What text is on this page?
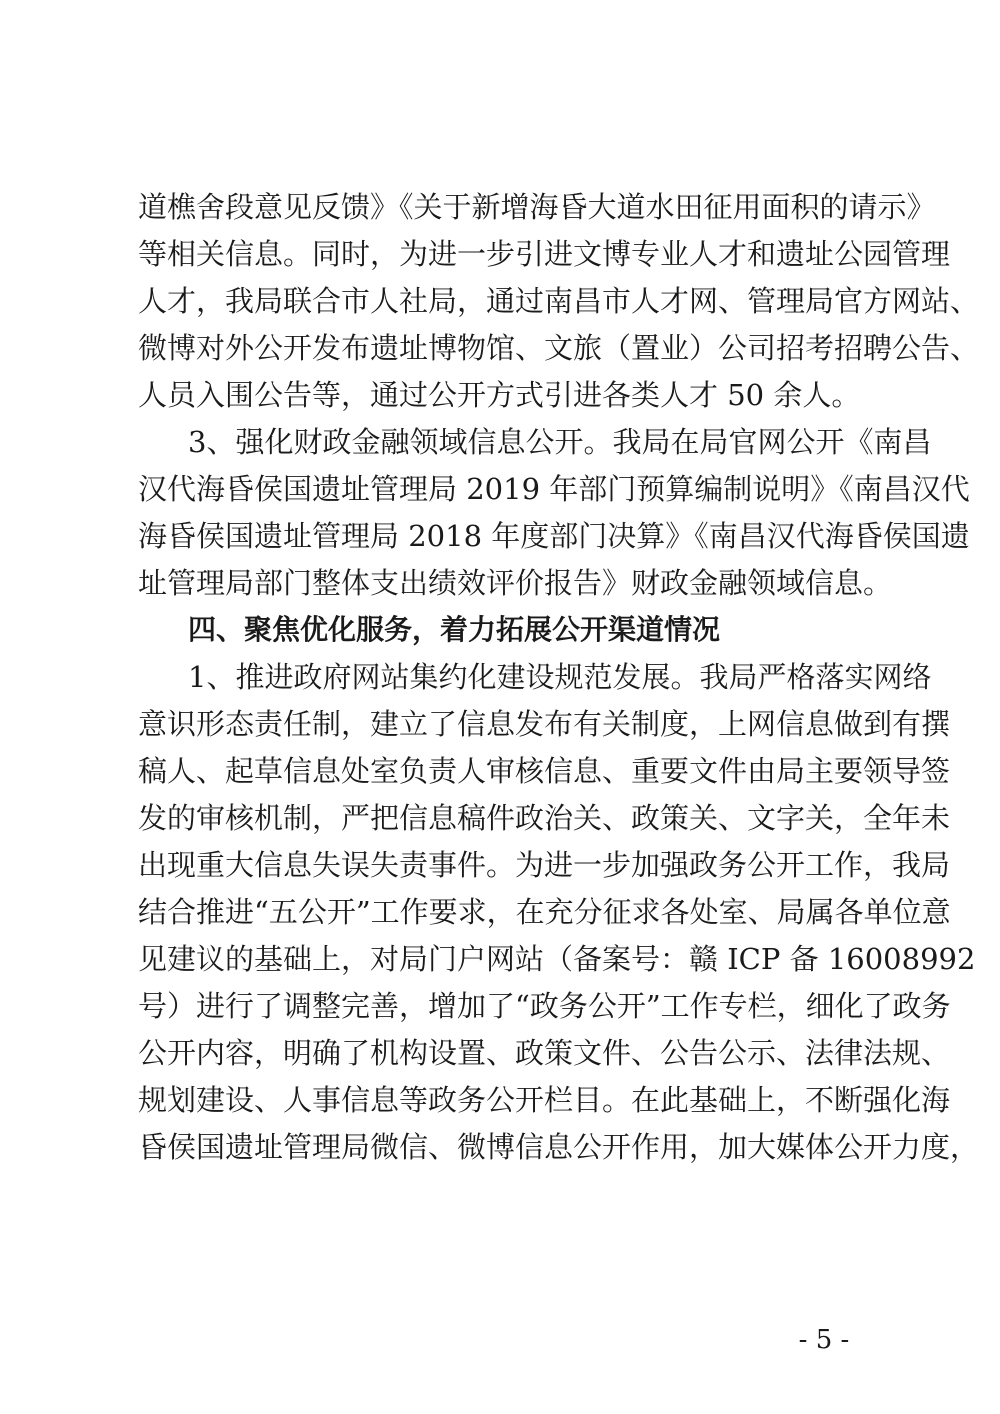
道樵舍段意见反馈》《关于新增海昏大道水田征用面积的请示》
等相关信息。同时，为进一步引进文博专业人才和遗址公园管理
人才，我局联合市人社局，通过南昌市人才网、管理局官方网站、
微博对外公开发布遗址博物馆、文旅（置业）公司招考招聘公告、
人员入围公告等，通过公开方式引进各类人才 50 余人。
3、强化财政金融领域信息公开。我局在局官网公开《南昌
汉代海昏侯国遗址管理局 2019 年部门预算编制说明》《南昌汉代
海昏侯国遗址管理局 2018 年度部门决算》《南昌汉代海昏侯国遗
址管理局部门整体支出绩效评价报告》财政金融领域信息。
四、聚焦优化服务，着力拓展公开渠道情况
1、推进政府网站集约化建设规范发展。我局严格落实网络
意识形态责任制，建立了信息发布有关制度，上网信息做到有撰
稿人、起草信息处室负责人审核信息、重要文件由局主要领导签
发的审核机制，严把信息稿件政治关、政策关、文字关，全年未
出现重大信息失误失责事件。为进一步加强政务公开工作，我局
结合推进“五公开”工作要求，在充分征求各处室、局属各单位意
见建议的基础上，对局门户网站（备案号：赣 ICP 备 16008992
号）进行了调整完善，增加了“政务公开”工作专栏，细化了政务
公开内容，明确了机构设置、政策文件、公告公示、法律法规、
规划建设、人事信息等政务公开栏目。在此基础上，不断强化海
昏侯国遗址管理局微信、微博信息公开作用，加大媒体公开力度，
- 5 -
